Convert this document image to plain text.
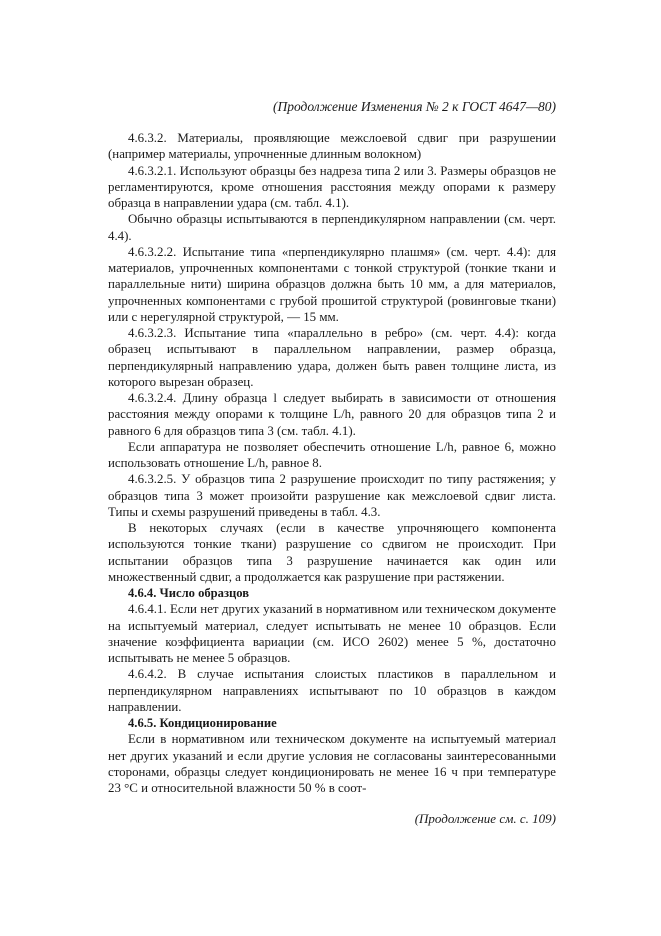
(Продолжение Изменения № 2 к ГОСТ 4647—80)

4.6.3.2. Материалы, проявляющие межслоевой сдвиг при разрушении (например материалы, упрочненные длинным волокном)

4.6.3.2.1. Используют образцы без надреза типа 2 или 3. Размеры образцов не регламентируются, кроме отношения расстояния между опорами к размеру образца в направлении удара (см. табл. 4.1).

Обычно образцы испытываются в перпендикулярном направлении (см. черт. 4.4).

4.6.3.2.2. Испытание типа «перпендикулярно плашмя» (см. черт. 4.4): для материалов, упрочненных компонентами с тонкой структурой (тонкие ткани и параллельные нити) ширина образцов должна быть 10 мм, а для материалов, упрочненных компонентами с грубой прошитой структурой (ровинговые ткани) или с нерегулярной структурой, — 15 мм.

4.6.3.2.3. Испытание типа «параллельно в ребро» (см. черт. 4.4): когда образец испытывают в параллельном направлении, размер образца, перпендикулярный направлению удара, должен быть равен толщине листа, из которого вырезан образец.

4.6.3.2.4. Длину образца l следует выбирать в зависимости от отношения расстояния между опорами к толщине L/h, равного 20 для образцов типа 2 и равного 6 для образцов типа 3 (см. табл. 4.1).

Если аппаратура не позволяет обеспечить отношение L/h, равное 6, можно использовать отношение L/h, равное 8.

4.6.3.2.5. У образцов типа 2 разрушение происходит по типу растяжения; у образцов типа 3 может произойти разрушение как межслоевой сдвиг листа. Типы и схемы разрушений приведены в табл. 4.3.

В некоторых случаях (если в качестве упрочняющего компонента используются тонкие ткани) разрушение со сдвигом не происходит. При испытании образцов типа 3 разрушение начинается как один или множественный сдвиг, а продолжается как разрушение при растяжении.

4.6.4. Число образцов

4.6.4.1. Если нет других указаний в нормативном или техническом документе на испытуемый материал, следует испытывать не менее 10 образцов. Если значение коэффициента вариации (см. ИСО 2602) менее 5 %, достаточно испытывать не менее 5 образцов.

4.6.4.2. В случае испытания слоистых пластиков в параллельном и перпендикулярном направлениях испытывают по 10 образцов в каждом направлении.

4.6.5. Кондиционирование

Если в нормативном или техническом документе на испытуемый материал нет других указаний и если другие условия не согласованы заинтересованными сторонами, образцы следует кондиционировать не менее 16 ч при температуре 23 °С и относительной влажности 50 % в соот-

(Продолжение см. с. 109)
